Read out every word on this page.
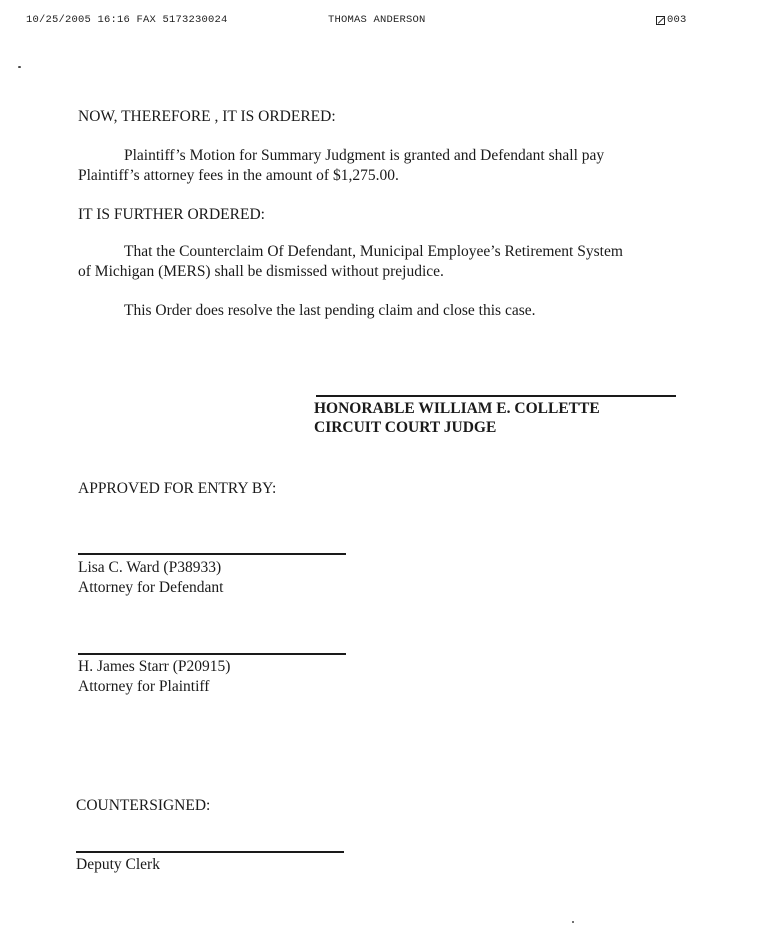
10/25/2005 16:16 FAX 5173230024	THOMAS ANDERSON	003
NOW, THEREFORE , IT IS ORDERED:
Plaintiff’s Motion for Summary Judgment is granted and Defendant shall pay
Plaintiff’s attorney fees in the amount of $1,275.00.
IT IS FURTHER ORDERED:
That the Counterclaim Of Defendant, Municipal Employee’s Retirement System
of Michigan (MERS) shall be dismissed without prejudice.
This Order does resolve the last pending claim and close this case.
HONORABLE WILLIAM E. COLLETTE
CIRCUIT COURT JUDGE
APPROVED FOR ENTRY BY:
Lisa C. Ward (P38933)
Attorney for Defendant
H. James Starr (P20915)
Attorney for Plaintiff
COUNTERSIGNED:
Deputy Clerk
